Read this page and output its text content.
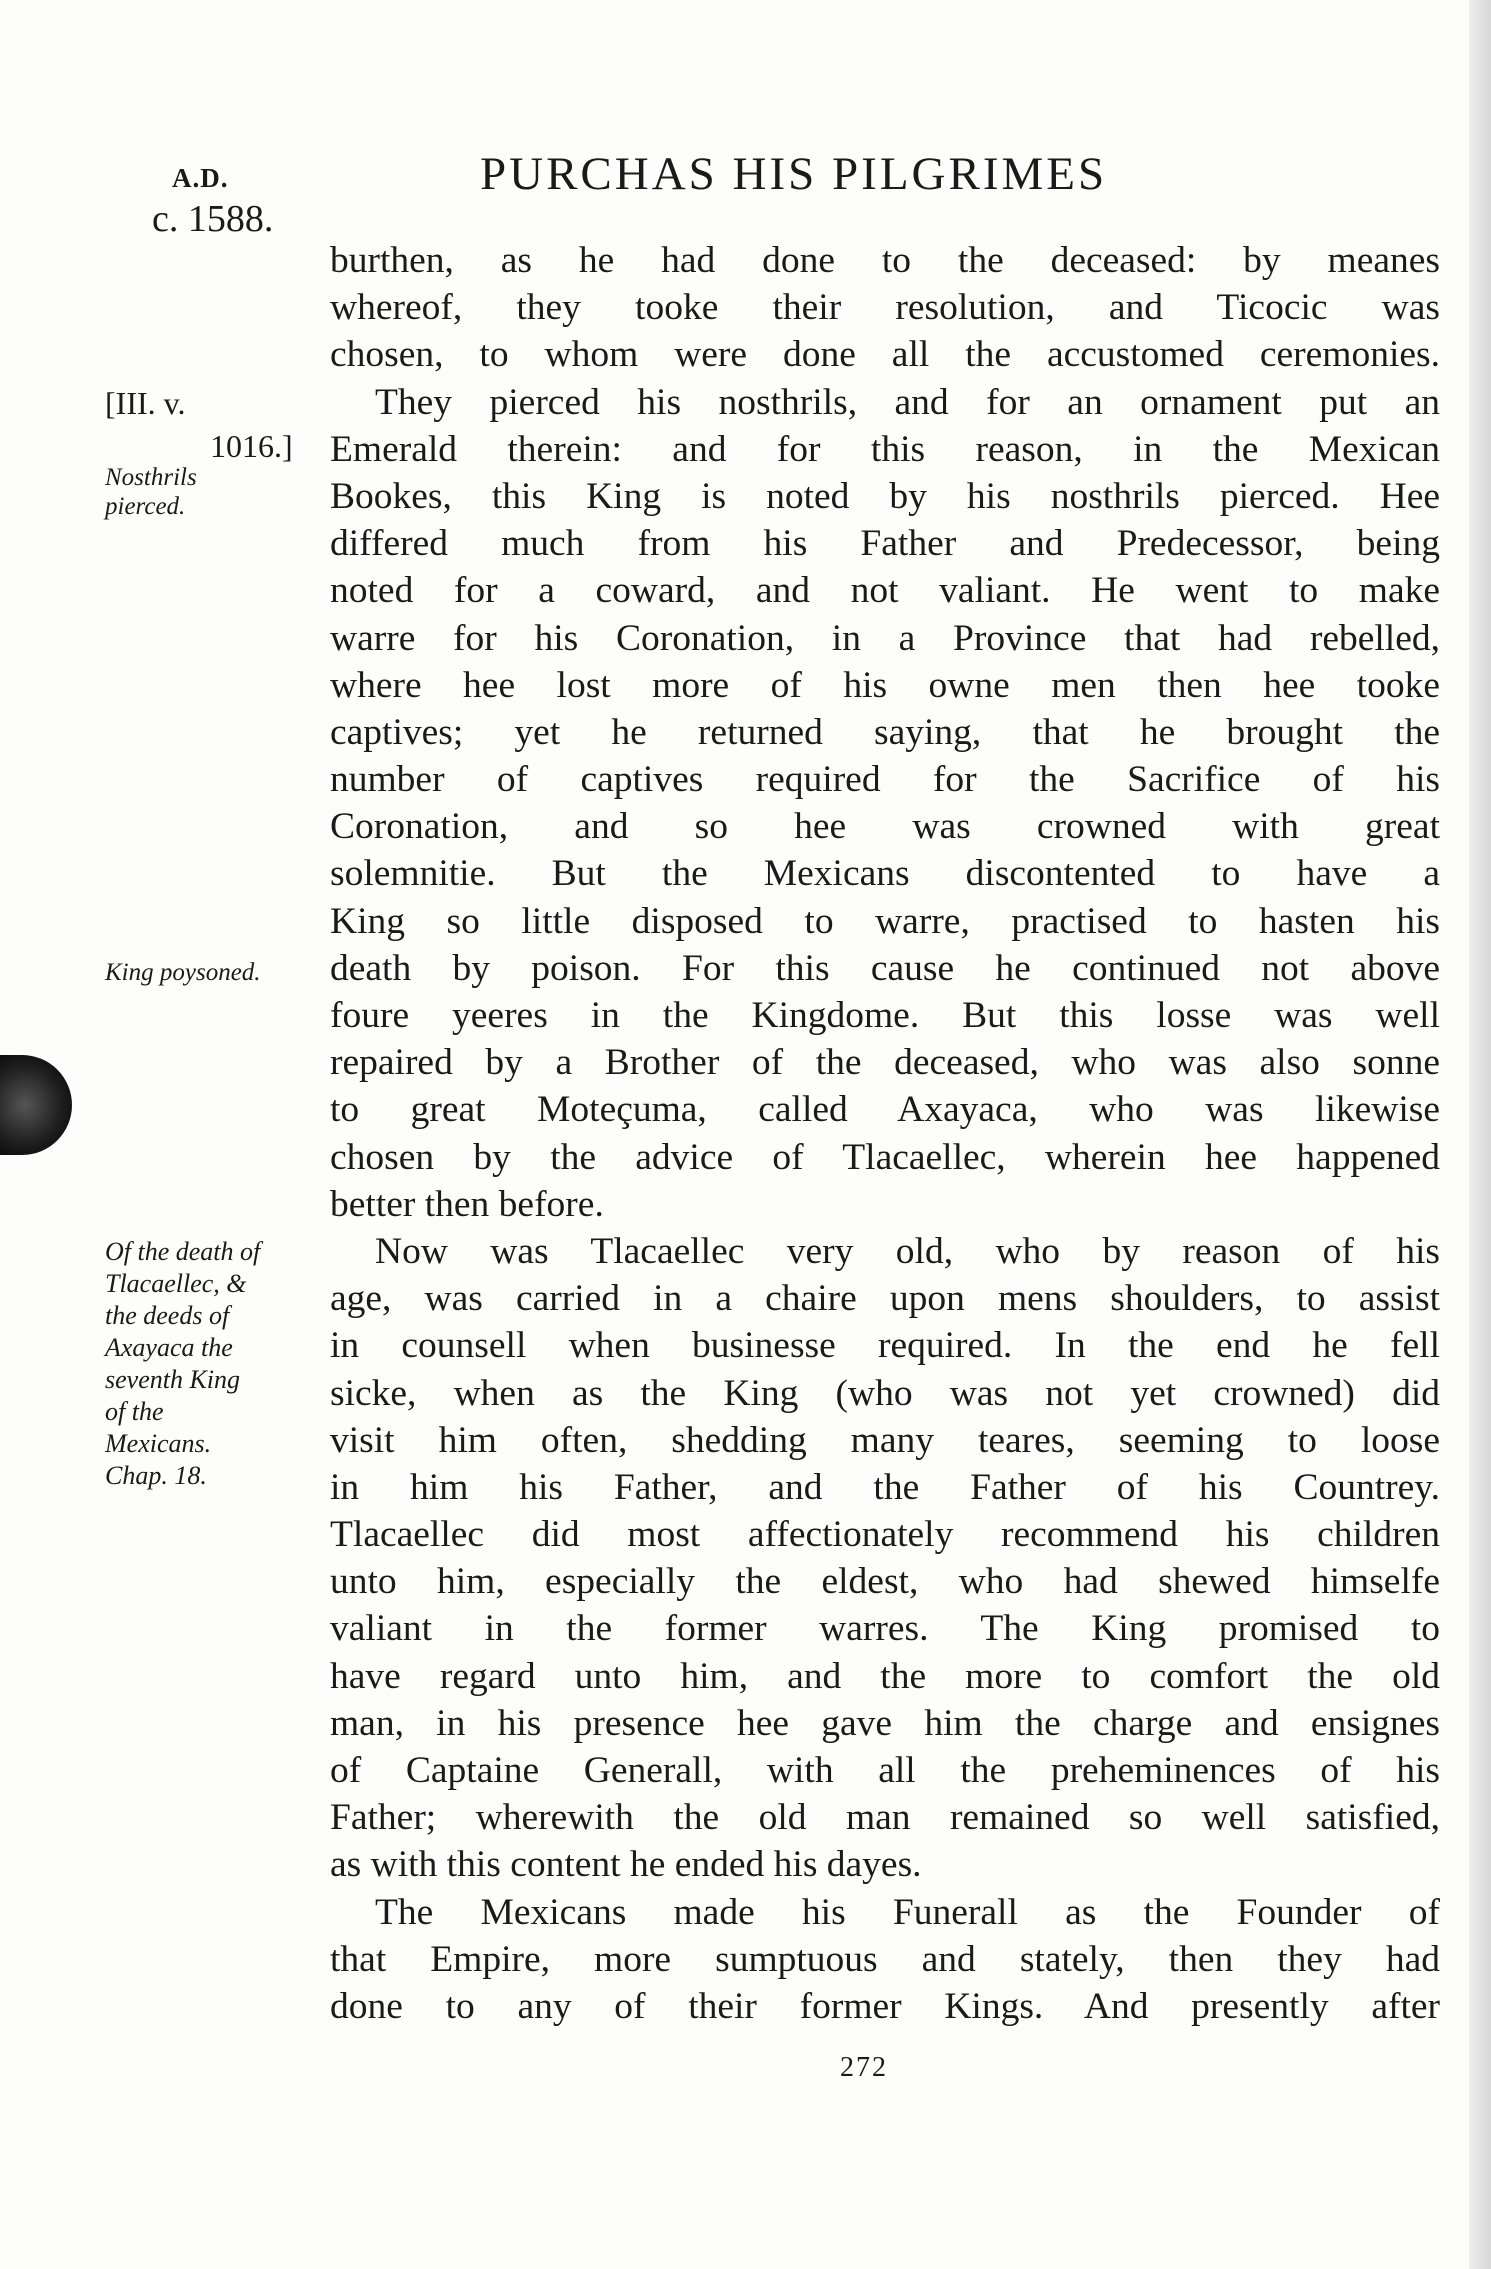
A.D.
c. 1588.
PURCHAS HIS PILGRIMES
[III. v.
1016.]
Nosthrils
pierced.
King poysoned.
Of the death of
Tlacaellec, &
the deeds of
Axayaca the
seventh King
of the
Mexicans.
Chap. 18.
burthen, as he had done to the deceased: by meanes
whereof, they tooke their resolution, and Ticocic was
chosen, to whom were done all the accustomed ceremonies.
They pierced his nosthrils, and for an ornament put an
Emerald therein: and for this reason, in the Mexican
Bookes, this King is noted by his nosthrils pierced. Hee
differed much from his Father and Predecessor, being
noted for a coward, and not valiant. He went to make
warre for his Coronation, in a Province that had rebelled,
where hee lost more of his owne men then hee tooke
captives; yet he returned saying, that he brought the
number of captives required for the Sacrifice of his
Coronation, and so hee was crowned with great
solemnitie. But the Mexicans discontented to have a
King so little disposed to warre, practised to hasten his
death by poison. For this cause he continued not above
foure yeeres in the Kingdome. But this losse was well
repaired by a Brother of the deceased, who was also sonne
to great Moteçuma, called Axayaca, who was likewise
chosen by the advice of Tlacaellec, wherein hee happened
better then before.
Now was Tlacaellec very old, who by reason of his
age, was carried in a chaire upon mens shoulders, to assist
in counsell when businesse required. In the end he fell
sicke, when as the King (who was not yet crowned) did
visit him often, shedding many teares, seeming to loose
in him his Father, and the Father of his Countrey.
Tlacaellec did most affectionately recommend his children
unto him, especially the eldest, who had shewed himselfe
valiant in the former warres. The King promised to
have regard unto him, and the more to comfort the old
man, in his presence hee gave him the charge and ensignes
of Captaine Generall, with all the preheminences of his
Father; wherewith the old man remained so well satisfied,
as with this content he ended his dayes.
The Mexicans made his Funerall as the Founder of
that Empire, more sumptuous and stately, then they had
done to any of their former Kings. And presently after
272
